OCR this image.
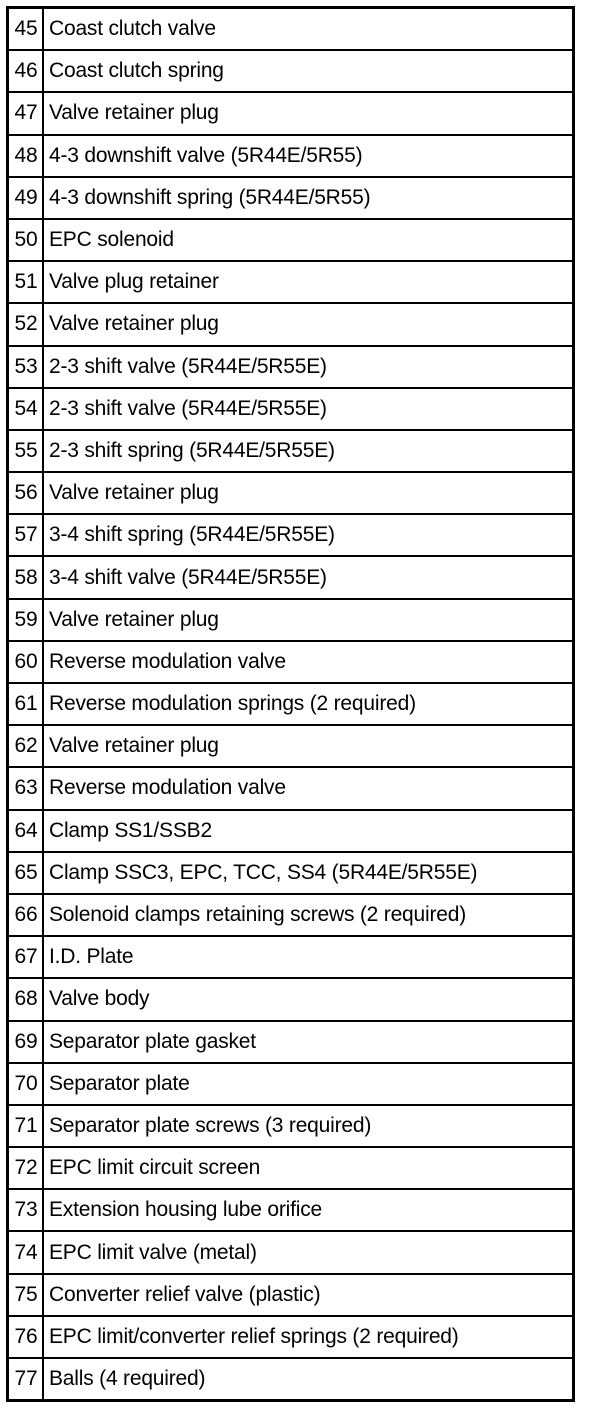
45	Coast clutch valve
46	Coast clutch spring
47	Valve retainer plug
48	4-3 downshift valve (5R44E/5R55)
49	4-3 downshift spring (5R44E/5R55)
50	EPC solenoid
51	Valve plug retainer
52	Valve retainer plug
53	2-3 shift valve (5R44E/5R55E)
54	2-3 shift valve (5R44E/5R55E)
55	2-3 shift spring (5R44E/5R55E)
56	Valve retainer plug
57	3-4 shift spring (5R44E/5R55E)
58	3-4 shift valve (5R44E/5R55E)
59	Valve retainer plug
60	Reverse modulation valve
61	Reverse modulation springs (2 required)
62	Valve retainer plug
63	Reverse modulation valve
64	Clamp SS1/SSB2
65	Clamp SSC3, EPC, TCC, SS4 (5R44E/5R55E)
66	Solenoid clamps retaining screws (2 required)
67	I.D. Plate
68	Valve body
69	Separator plate gasket
70	Separator plate
71	Separator plate screws (3 required)
72	EPC limit circuit screen
73	Extension housing lube orifice
74	EPC limit valve (metal)
75	Converter relief valve (plastic)
76	EPC limit/converter relief springs (2 required)
77	Balls (4 required)
